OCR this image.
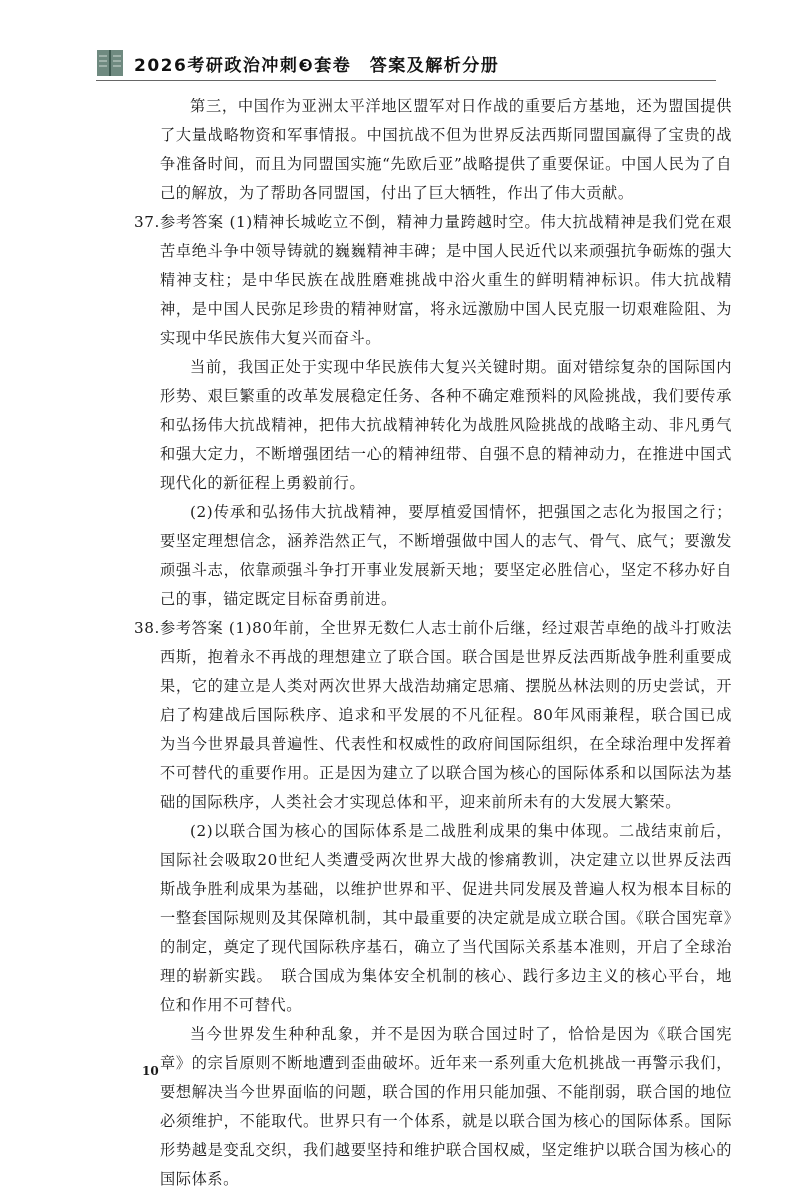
2026考研政治冲刺❸套卷　答案及解析分册

第三，中国作为亚洲太平洋地区盟军对日作战的重要后方基地，还为盟国提供了大量战略物资和军事情报。中国抗战不但为世界反法西斯同盟国赢得了宝贵的战争准备时间，而且为同盟国实施“先欧后亚”战略提供了重要保证。中国人民为了自己的解放，为了帮助各同盟国，付出了巨大牺牲，作出了伟大贡献。

37. 参考答案 (1)精神长城屹立不倒，精神力量跨越时空。伟大抗战精神是我们党在艰苦卓绝斗争中领导铸就的巍巍精神丰碑；是中国人民近代以来顽强抗争砺炼的强大精神支柱；是中华民族在战胜磨难挑战中浴火重生的鲜明精神标识。伟大抗战精神，是中国人民弥足珍贵的精神财富，将永远激励中国人民克服一切艰难险阻、为实现中华民族伟大复兴而奋斗。

当前，我国正处于实现中华民族伟大复兴关键时期。面对错综复杂的国际国内形势、艰巨繁重的改革发展稳定任务、各种不确定难预料的风险挑战，我们要传承和弘扬伟大抗战精神，把伟大抗战精神转化为战胜风险挑战的战略主动、非凡勇气和强大定力，不断增强团结一心的精神纽带、自强不息的精神动力，在推进中国式现代化的新征程上勇毅前行。

(2)传承和弘扬伟大抗战精神，要厚植爱国情怀，把强国之志化为报国之行；要坚定理想信念，涵养浩然正气，不断增强做中国人的志气、骨气、底气；要激发顽强斗志，依靠顽强斗争打开事业发展新天地；要坚定必胜信心，坚定不移办好自己的事，锚定既定目标奋勇前进。

38. 参考答案 (1)80年前，全世界无数仁人志士前仆后继，经过艰苦卓绝的战斗打败法西斯，抱着永不再战的理想建立了联合国。联合国是世界反法西斯战争胜利重要成果，它的建立是人类对两次世界大战浩劫痛定思痛、摆脱丛林法则的历史尝试，开启了构建战后国际秩序、追求和平发展的不凡征程。80年风雨兼程，联合国已成为当今世界最具普遍性、代表性和权威性的政府间国际组织，在全球治理中发挥着不可替代的重要作用。正是因为建立了以联合国为核心的国际体系和以国际法为基础的国际秩序，人类社会才实现总体和平，迎来前所未有的大发展大繁荣。

(2)以联合国为核心的国际体系是二战胜利成果的集中体现。二战结束前后，国际社会吸取20世纪人类遭受两次世界大战的惨痛教训，决定建立以世界反法西斯战争胜利成果为基础，以维护世界和平、促进共同发展及普遍人权为根本目标的一整套国际规则及其保障机制，其中最重要的决定就是成立联合国。《联合国宪章》的制定，奠定了现代国际秩序基石，确立了当代国际关系基本准则，开启了全球治理的崭新实践。　联合国成为集体安全机制的核心、践行多边主义的核心平台，地位和作用不可替代。

当今世界发生种种乱象，并不是因为联合国过时了，恰恰是因为《联合国宪章》的宗旨原则不断地遭到歪曲破坏。近年来一系列重大危机挑战一再警示我们，要想解决当今世界面临的问题，联合国的作用只能加强、不能削弱，联合国的地位必须维护，不能取代。世界只有一个体系，就是以联合国为核心的国际体系。国际形势越是变乱交织，我们越要坚持和维护联合国权威，坚定维护以联合国为核心的国际体系。

10
